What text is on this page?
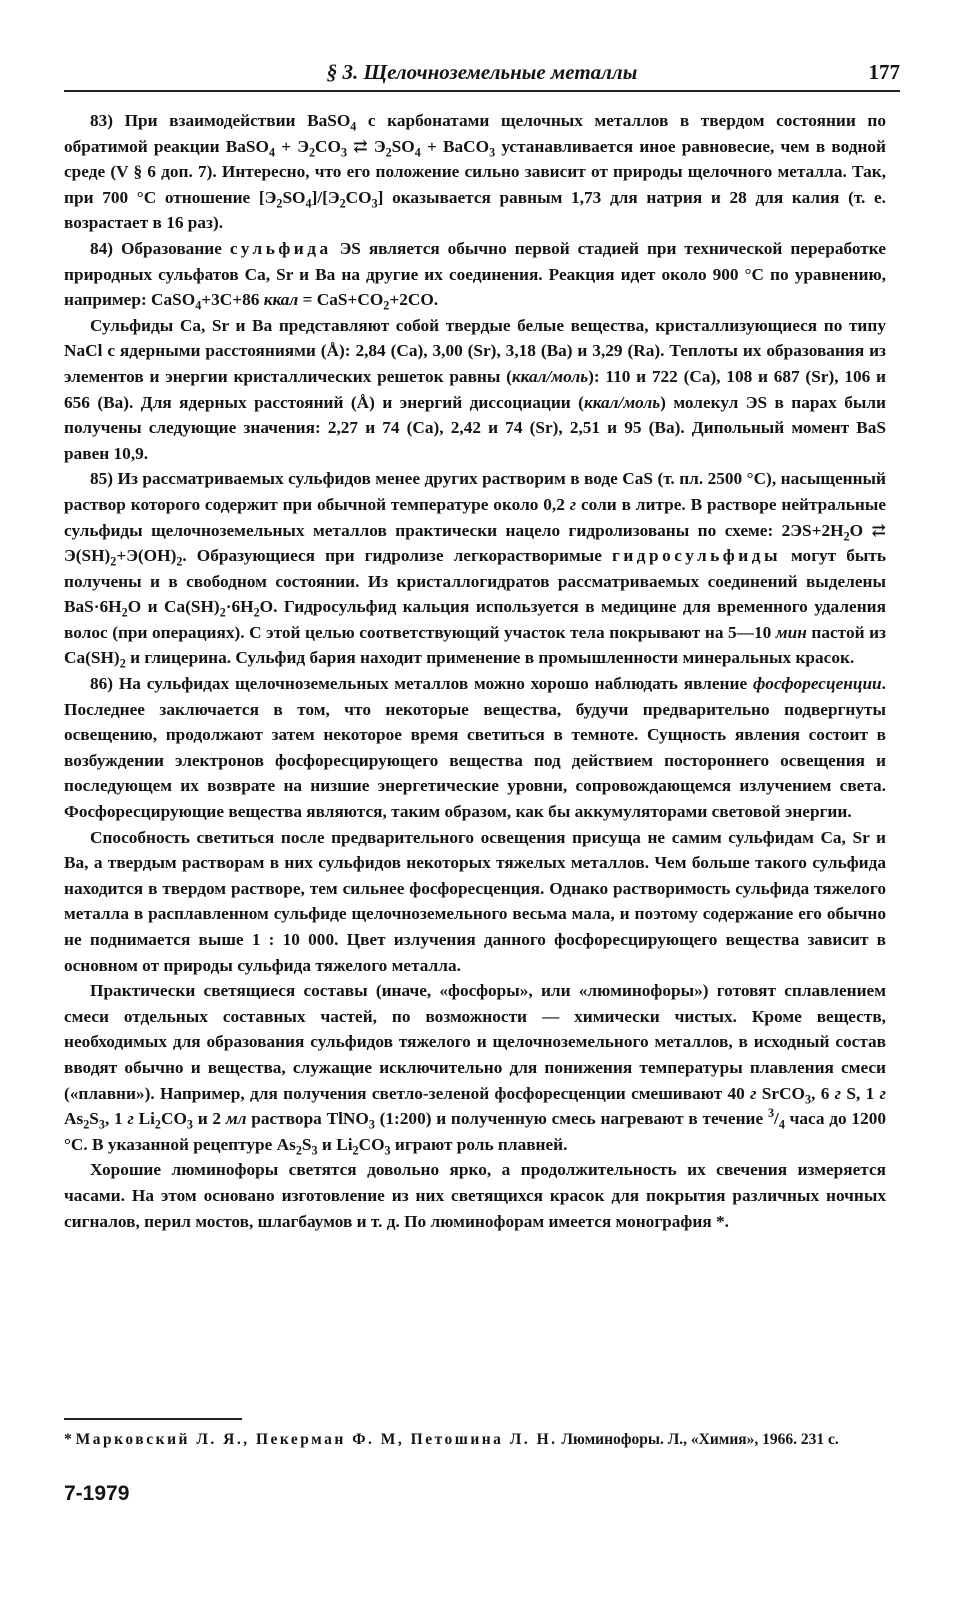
§ 3. Щелочноземельные металлы	177

83) При взаимодействии BaSO$_4$ с карбонатами щелочных металлов в твердом состоянии по обратимой реакции BaSO$_4$ + $Э_2CO_3$ ⇄ $Э_2SO_4$ + BaCO$_3$ устанавливается иное равновесие, чем в водной среде (V § 6 доп. 7). Интересно, что его положение сильно зависит от природы щелочного металла. Так, при 700 °C отношение $[Э_2SO_4]/[Э_2CO_3]$ оказывается равным 1,73 для натрия и 28 для калия (т. е. возрастает в 16 раз).

84) Образование сульфида ЭS является обычно первой стадией при технической переработке природных сульфатов Ca, Sr и Ba на другие их соединения. Реакция идет около 900 °C по уравнению, например: CaSO$_4$+3C+86 ккал = $CaS+CO_2+2CO$.

Сульфиды Ca, Sr и Ba представляют собой твердые белые вещества, кристаллизующиеся по типу NaCl с ядерными расстояниями (Å): 2,84 (Ca), 3,00 (Sr), 3,18 (Ba) и 3,29 (Ra). Теплоты их образования из элементов и энергии кристаллических решеток равны (ккал/моль): 110 и 722 (Ca), 108 и 687 (Sr), 106 и 656 (Ba). Для ядерных расстояний (Å) и энергий диссоциации (ккал/моль) молекул ЭS в парах были получены следующие значения: 2,27 и 74 (Ca), 2,42 и 74 (Sr), 2,51 и 95 (Ba). Дипольный момент BaS равен 10,9.

85) Из рассматриваемых сульфидов менее других растворим в воде CaS (т. пл. 2500 °C), насыщенный раствор которого содержит при обычной температуре около 0,2 г соли в литре. В растворе нейтральные сульфиды щелочноземельных металлов практически нацело гидролизованы по схеме: $2ЭS+2H_2O$ ⇄ $Э(SH)_2+Э(OH)_2$. Образующиеся при гидролизе легкорастворимые гидросульфиды могут быть получены и в свободном состоянии. Из кристаллогидратов рассматриваемых соединений выделены $BaS\cdot 6H_2O$ и $Ca(SH)_2\cdot 6H_2O$. Гидросульфид кальция используется в медицине для временного удаления волос (при операциях). С этой целью соответствующий участок тела покрывают на 5—10 мин пастой из $Ca(SH)_2$ и глицерина. Сульфид бария находит применение в промышленности минеральных красок.

86) На сульфидах щелочноземельных металлов можно хорошо наблюдать явление фосфоресценции. Последнее заключается в том, что некоторые вещества, будучи предварительно подвергнуты освещению, продолжают затем некоторое время светиться в темноте. Сущность явления состоит в возбуждении электронов фосфоресцирующего вещества под действием постороннего освещения и последующем их возврате на низшие энергетические уровни, сопровождающемся излучением света. Фосфоресцирующие вещества являются, таким образом, как бы аккумуляторами световой энергии.

Способность светиться после предварительного освещения присуща не самим сульфидам Ca, Sr и Ba, а твердым растворам в них сульфидов некоторых тяжелых металлов. Чем больше такого сульфида находится в твердом растворе, тем сильнее фосфоресценция. Однако растворимость сульфида тяжелого металла в расплавленном сульфиде щелочноземельного весьма мала, и поэтому содержание его обычно не поднимается выше 1 : 10 000. Цвет излучения данного фосфоресцирующего вещества зависит в основном от природы сульфида тяжелого металла.

Практически светящиеся составы (иначе, «фосфоры», или «люминофоры») готовят сплавлением смеси отдельных составных частей, по возможности — химически чистых. Кроме веществ, необходимых для образования сульфидов тяжелого и щелочноземельного металлов, в исходный состав вводят обычно и вещества, служащие исключительно для понижения температуры плавления смеси («плавни»). Например, для получения светло-зеленой фосфоресценции смешивают 40 г SrCO$_3$, 6 г S, 1 г $As_2S_3$, 1 г $Li_2CO_3$ и 2 мл раствора TlNO$_3$ (1:200) и полученную смесь нагревают в течение $^3/_4$ часа до 1200 °C. В указанной рецептуре $As_2S_3$ и $Li_2CO_3$ играют роль плавней.

Хорошие люминофоры светятся довольно ярко, а продолжительность их свечения измеряется часами. На этом основано изготовление из них светящихся красок для покрытия различных ночных сигналов, перил мостов, шлагбаумов и т. д. По люминофорам имеется монография *.

* Марковский Л. Я., Пекерман Ф. М, Петошина Л. Н. Люминофоры. Л., «Химия», 1966. 231 с.
7-1979
